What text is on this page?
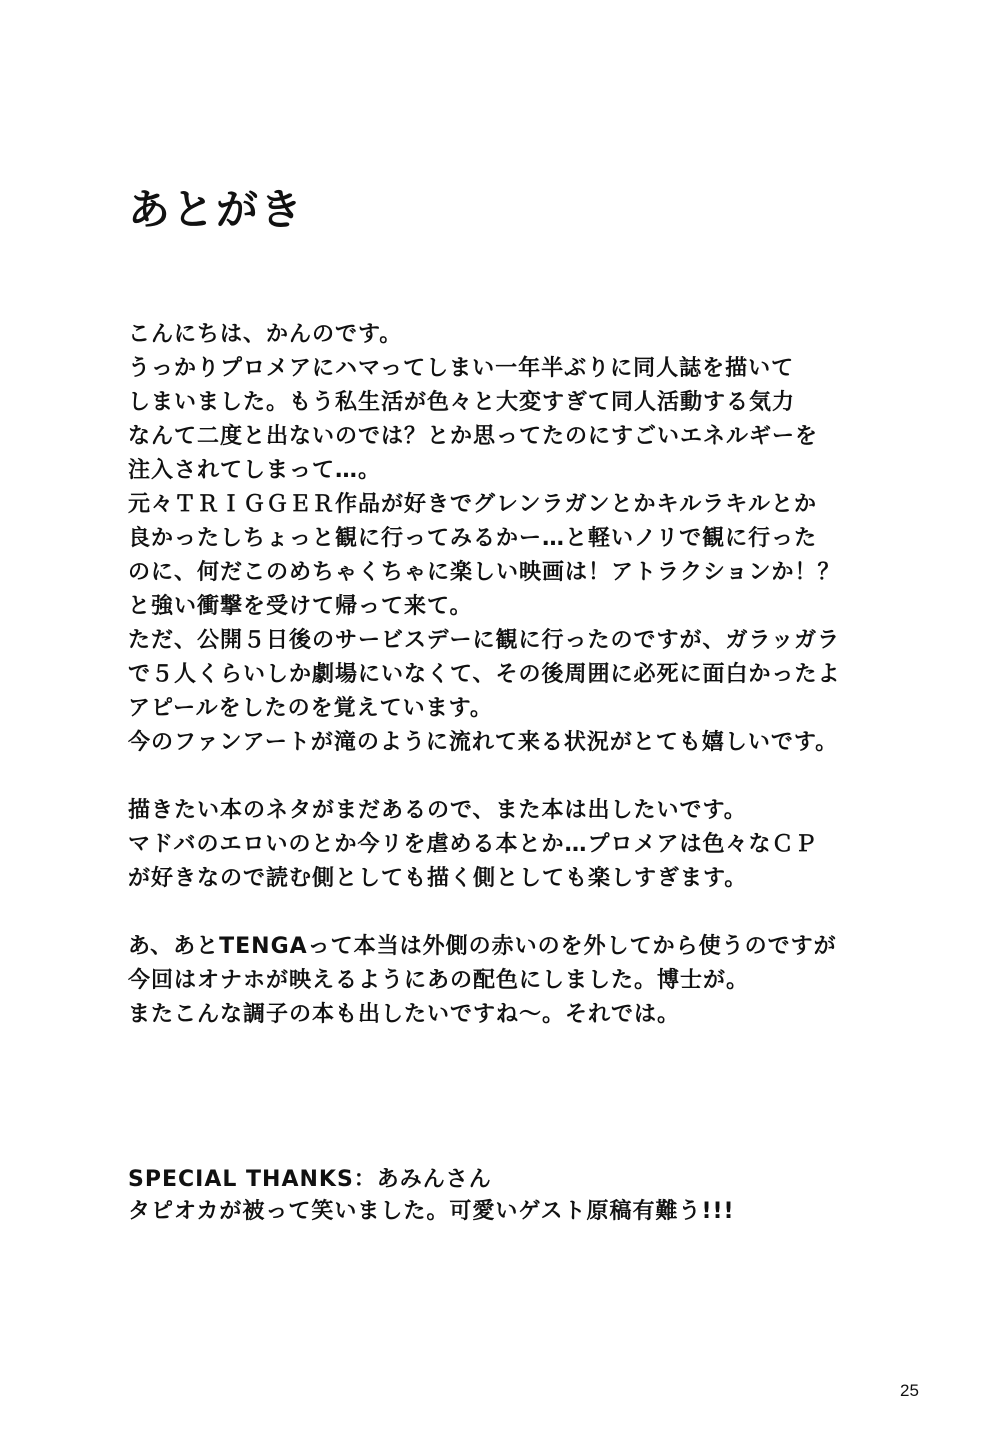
あとがき
こんにちは、かんのです。
うっかりプロメアにハマってしまい一年半ぶりに同人誌を描いて
しまいました。もう私生活が色々と大変すぎて同人活動する気力
なんて二度と出ないのでは？とか思ってたのにすごいエネルギーを
注入されてしまって…。
元々ＴＲＩＧＧＥＲ作品が好きでグレンラガンとかキルラキルとか
良かったしちょっと観に行ってみるかー…と軽いノリで観に行った
のに、何だこのめちゃくちゃに楽しい映画は！アトラクションか！？
と強い衝撃を受けて帰って来て。
ただ、公開５日後のサービスデーに観に行ったのですが、ガラッガラ
で５人くらいしか劇場にいなくて、その後周囲に必死に面白かったよ
アピールをしたのを覚えています。
今のファンアートが滝のように流れて来る状況がとても嬉しいです。
描きたい本のネタがまだあるので、また本は出したいです。
マドバのエロいのとか今リを虐める本とか…プロメアは色々なＣＰ
が好きなので読む側としても描く側としても楽しすぎます。
あ、あとTENGAって本当は外側の赤いのを外してから使うのですが
今回はオナホが映えるようにあの配色にしました。博士が。
またこんな調子の本も出したいですね〜。それでは。
SPECIAL THANKS：あみんさん
タピオカが被って笑いました。可愛いゲスト原稿有難う!!!
25
